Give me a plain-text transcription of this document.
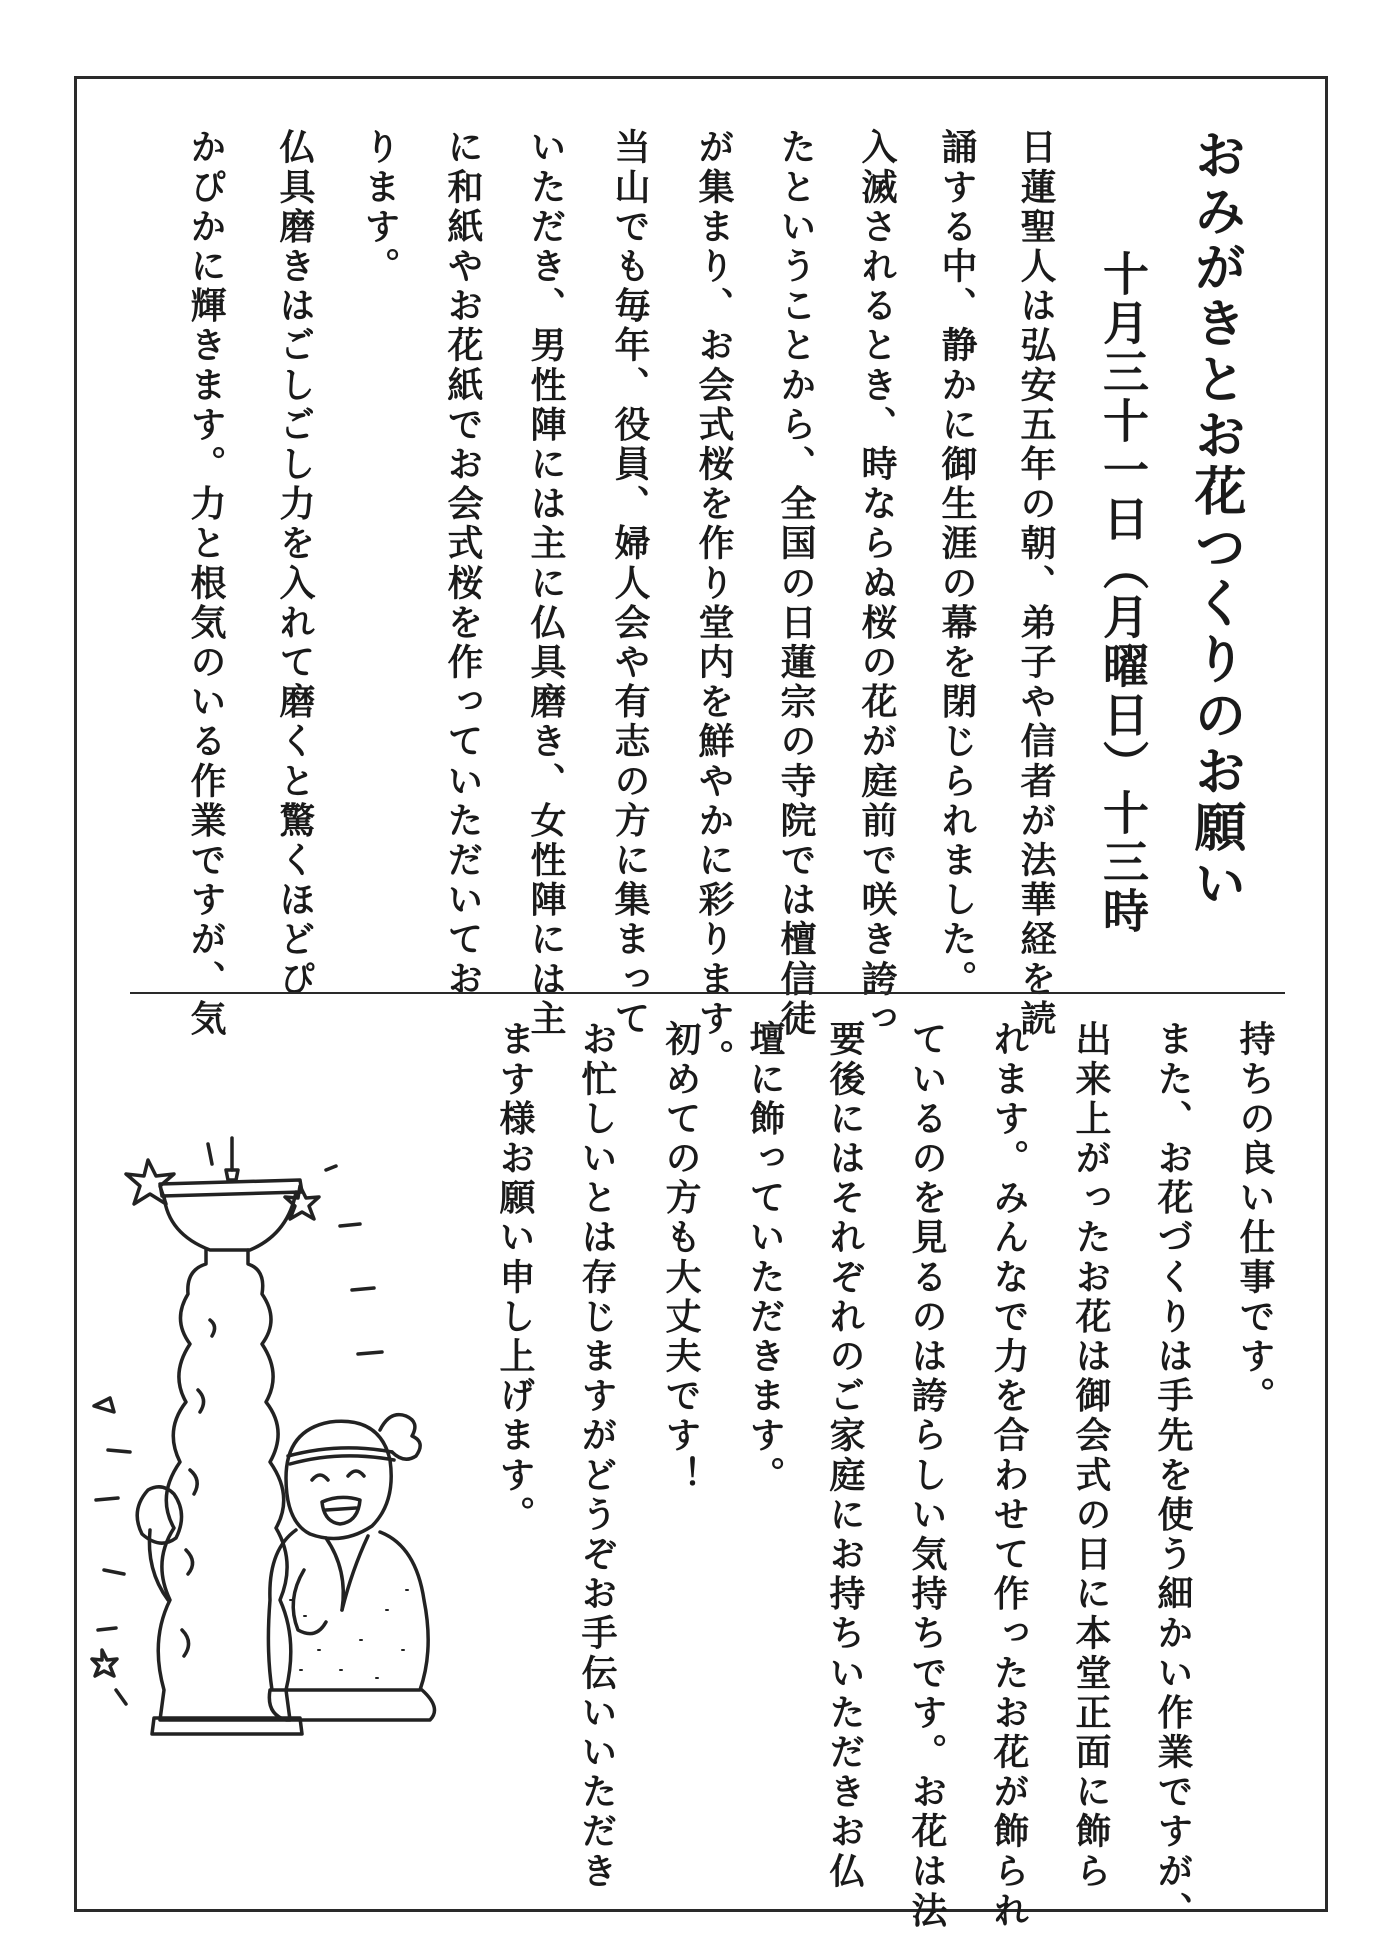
おみがきとお花つくりのお願い

十月三十一日（月曜日）十三時

日蓮聖人は弘安五年の朝、弟子や信者が法華経を読

誦する中、静かに御生涯の幕を閉じられました。

入滅されるとき、時ならぬ桜の花が庭前で咲き誇っ

たということから、全国の日蓮宗の寺院では檀信徒

が集まり、お会式桜を作り堂内を鮮やかに彩ります。

当山でも毎年、役員、婦人会や有志の方に集まって

いただき、男性陣には主に仏具磨き、女性陣には主

に和紙やお花紙でお会式桜を作っていただいてお

ります。

仏具磨きはごしごし力を入れて磨くと驚くほどぴ

かぴかに輝きます。力と根気のいる作業ですが、気

持ちの良い仕事です。

また、お花づくりは手先を使う細かい作業ですが、

出来上がったお花は御会式の日に本堂正面に飾ら

れます。みんなで力を合わせて作ったお花が飾られ

ているのを見るのは誇らしい気持ちです。お花は法

要後にはそれぞれのご家庭にお持ちいただきお仏

壇に飾っていただきます。

初めての方も大丈夫です！

お忙しいとは存じますがどうぞお手伝いいただき

ます様お願い申し上げます。
